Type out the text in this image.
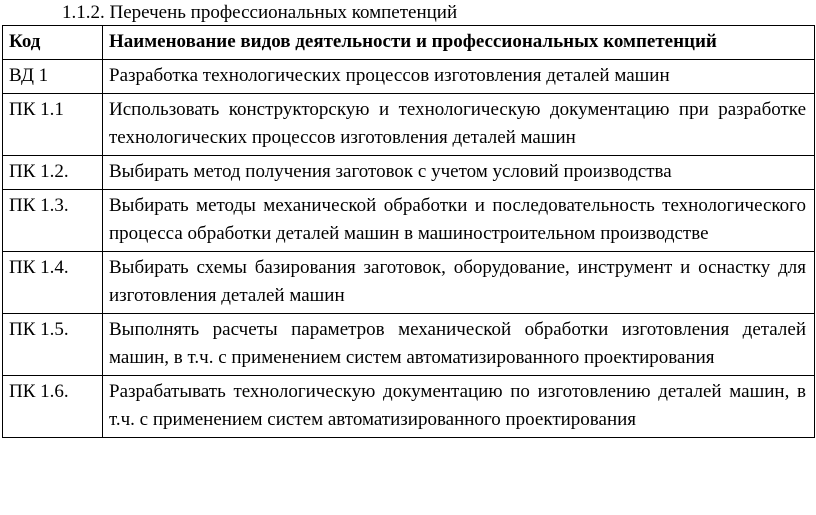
1.1.2. Перечень профессиональных компетенций
Код	Наименование видов деятельности и профессиональных компетенций
ВД 1	Разработка технологических процессов изготовления деталей машин
ПК 1.1	Использовать конструкторскую и технологическую документацию при разработке технологических процессов изготовления деталей машин
ПК 1.2.	Выбирать метод получения заготовок с учетом условий производства
ПК 1.3.	Выбирать методы механической обработки и последовательность технологического процесса обработки деталей машин в машиностроительном производстве
ПК 1.4.	Выбирать схемы базирования заготовок, оборудование, инструмент и оснастку для изготовления деталей машин
ПК 1.5.	Выполнять расчеты параметров механической обработки изготовления деталей машин, в т.ч. с применением систем автоматизированного проектирования
ПК 1.6.	Разрабатывать технологическую документацию по изготовлению деталей машин, в т.ч. с применением систем автоматизированного проектирования
